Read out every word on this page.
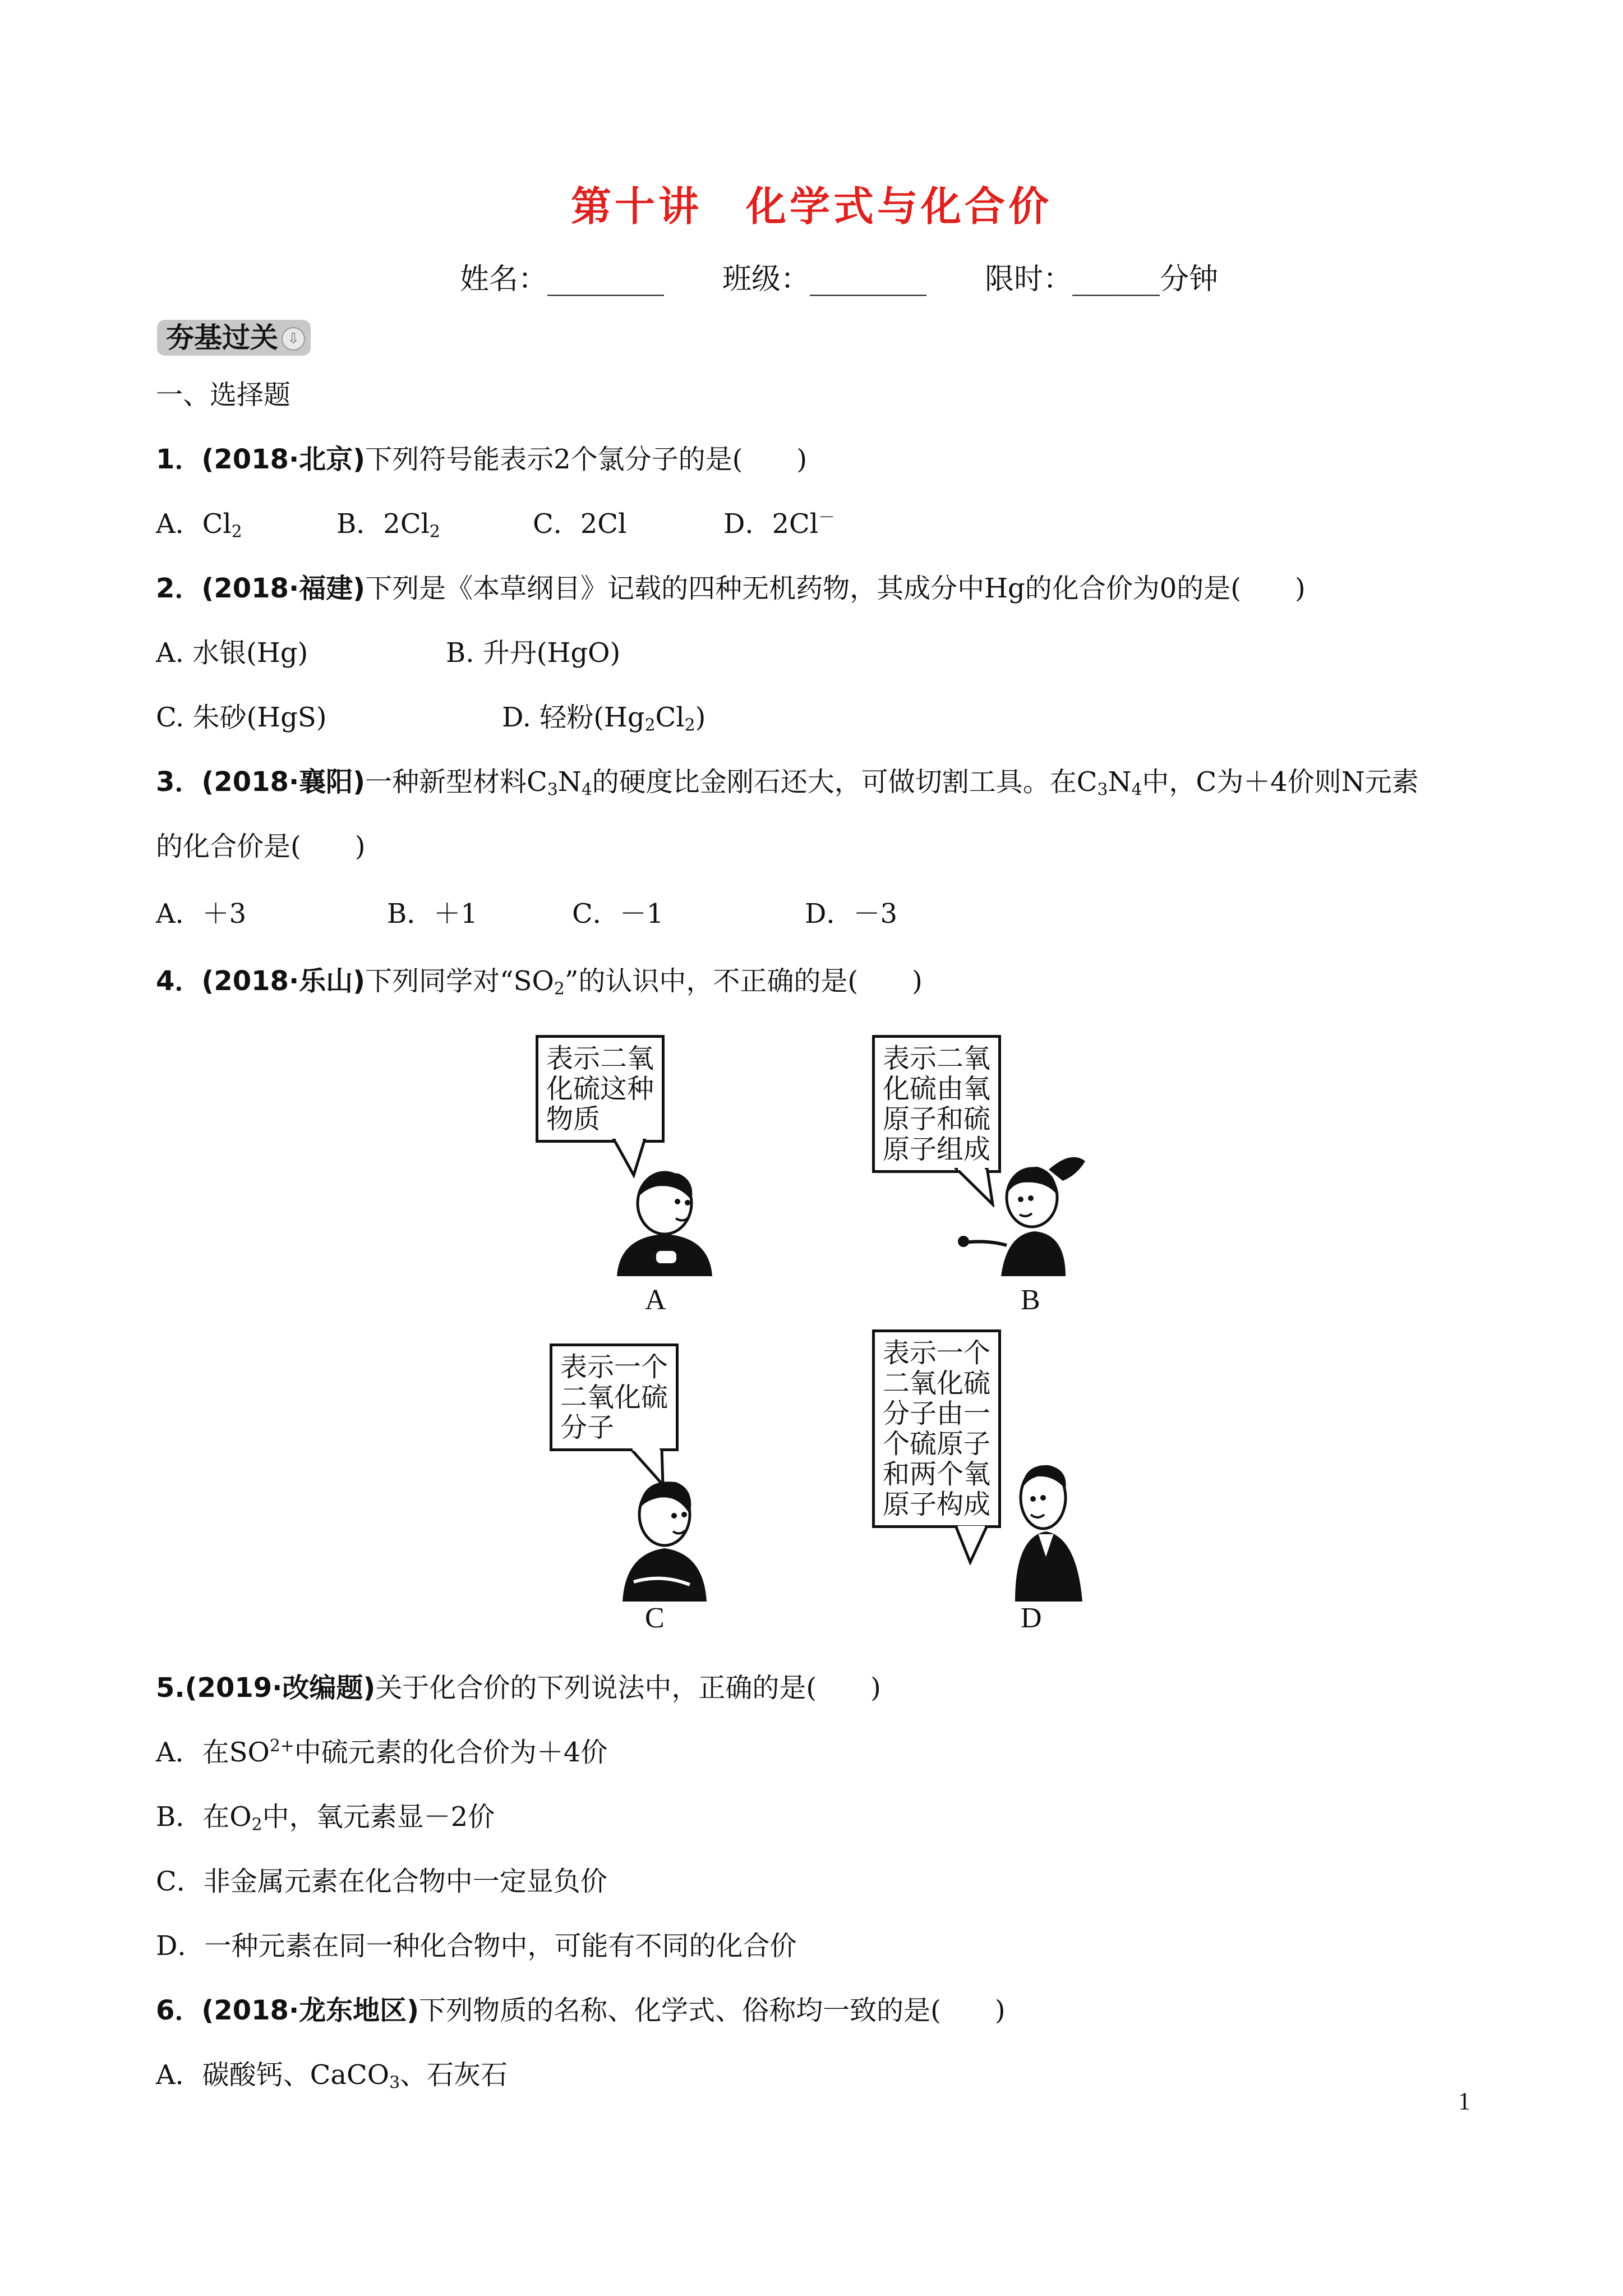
第十讲　化学式与化合价
姓名：________　　 班级：________　　 限时：______分钟
夯基过关 ⇩
一、选择题
1．(2018·北京)下列符号能表示2个氯分子的是(　　)
A．$Cl_2$	B．$2Cl_2$	C．2Cl	D．2Cl－
2．(2018·福建)下列是《本草纲目》记载的四种无机药物，其成分中Hg的化合价为0的是(　　)
A. 水银(Hg)	B. 升丹(HgO)
C. 朱砂(HgS)	D. 轻粉$(Hg_2Cl_2)$
3．(2018·襄阳)一种新型材料$C_3N_4$的硬度比金刚石还大，可做切割工具。在$C_3N_4$中，C为＋4价则N元素
的化合价是(　　)
A．＋3	B．＋1	C．－1	D．－3
4．(2018·乐山)下列同学对“$SO_2$”的认识中，不正确的是(　　)
表示二氧
化硫这种
物质
A
表示二氧
化硫由氧
原子和硫
原子组成
B
表示一个
二氧化硫
分子
C
表示一个
二氧化硫
分子由一
个硫原子
和两个氧
原子构成
D
5.(2019·改编题)关于化合价的下列说法中，正确的是(　　)
A．在$SO^{2+}$中硫元素的化合价为＋4价
B．在$O_2$中，氧元素显－2价
C．非金属元素在化合物中一定显负价
D．一种元素在同一种化合物中，可能有不同的化合价
6．(2018·龙东地区)下列物质的名称、化学式、俗称均一致的是(　　)
A．碳酸钙、CaCO$_3$、石灰石
1
